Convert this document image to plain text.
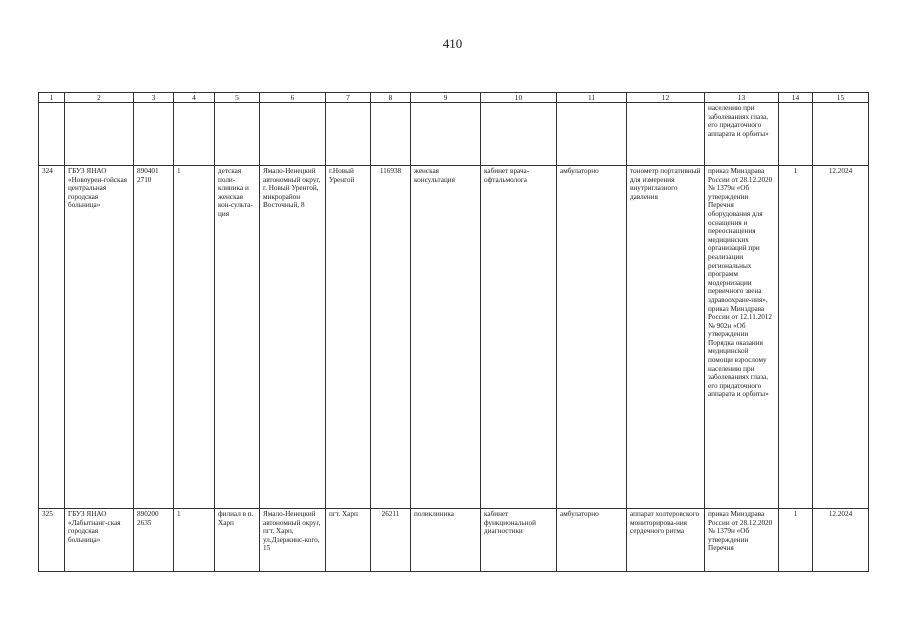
410
1	2	3	4	5	6	7	8	9	10	11	12	13	14	15
												населению при заболеваниях глаза, его придаточного аппарата и орбиты»		
324	ГБУЗ ЯНАО «Новоурен-гойская центральная городская больница»	890401 2710	1	детская поли-клиника и женская кон-сульта-ция	Ямало-Ненецкий автономный округ, г. Новый Уренгой, микрорайон Восточный, 8	г.Новый Уренгой	116938	женская консультация	кабинет врача-офтальмолога	амбулаторно	тонометр портативный для измерения внутриглазного давления	приказ Минздрава России от 28.12.2020 № 1379н «Об утверждении Перечня оборудования для оснащения и переоснащения медицинских организаций при реализации региональных программ модернизации первичного звена здравоохране-ния», приказ Минздрава России от 12.11.2012 № 902н «Об утверждении Порядка оказания медицинской помощи взрослому населению при заболеваниях глаза, его придаточного аппарата и орбиты»	1	12.2024
325	ГБУЗ ЯНАО «Лабытнанг-ская городская больница»	890200 2635	1	филиал в п. Харп	Ямало-Ненецкий автономный округ, пгт. Харп, ул.Дзержинс-кого, 15	пгт. Харп	26211	поликлиника	кабинет функциональной диагностики	амбулаторно	аппарат холтеровского мониторирова-ния сердечного ритма	приказ Минздрава России от 28.12.2020 № 1379н «Об утверждении Перечня	1	12.2024
